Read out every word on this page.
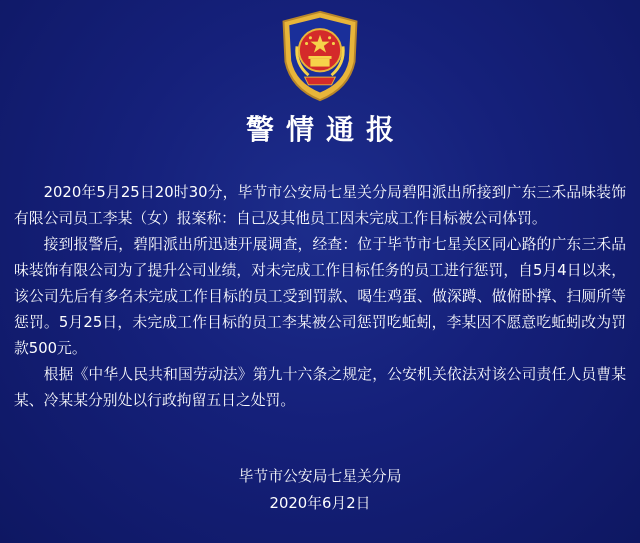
警情通报

2020年5月25日20时30分，毕节市公安局七星关分局碧阳派出所接到广东三禾品味装饰有限公司员工李某（女）报案称：自己及其他员工因未完成工作目标被公司体罚。

接到报警后，碧阳派出所迅速开展调查，经查：位于毕节市七星关区同心路的广东三禾品味装饰有限公司为了提升公司业绩，对未完成工作目标任务的员工进行惩罚，自5月4日以来，该公司先后有多名未完成工作目标的员工受到罚款、喝生鸡蛋、做深蹲、做俯卧撑、扫厕所等惩罚。5月25日，未完成工作目标的员工李某被公司惩罚吃蚯蚓，李某因不愿意吃蚯蚓改为罚款500元。

根据《中华人民共和国劳动法》第九十六条之规定，公安机关依法对该公司责任人员曹某某、冷某某分别处以行政拘留五日之处罚。

毕节市公安局七星关分局
2020年6月2日
